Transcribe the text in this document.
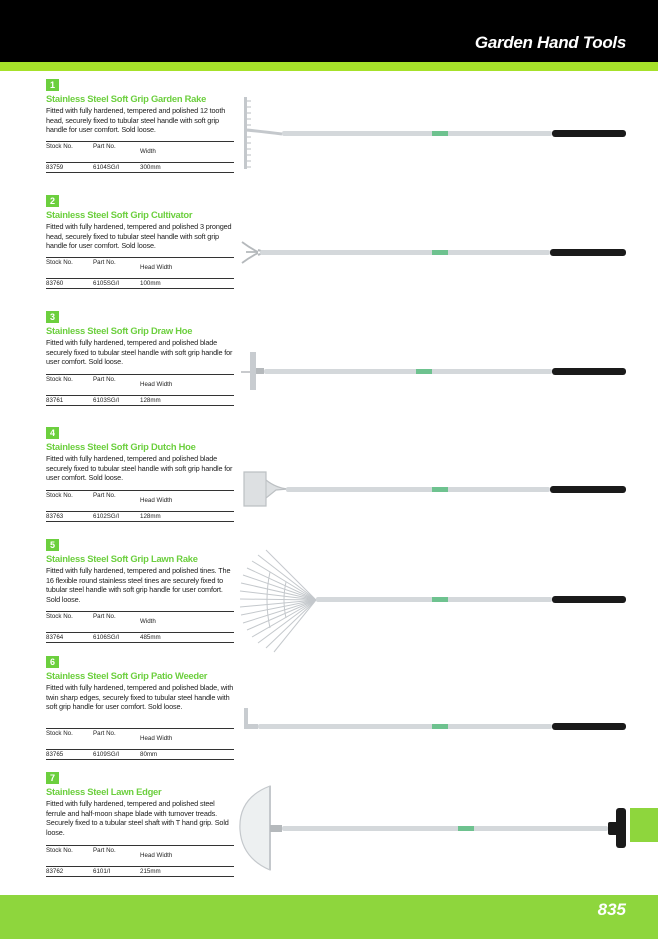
Garden Hand Tools
1
Stainless Steel Soft Grip Garden Rake
Fitted with fully hardened, tempered and polished 12 tooth head, securely fixed to tubular steel handle with soft grip handle for user comfort. Sold loose.
Stock No.	Part No.
Width
83759	6104SG/I	300mm
2
Stainless Steel Soft Grip Cultivator
Fitted with fully hardened, tempered and polished 3 pronged head, securely fixed to tubular steel handle with soft grip handle for user comfort. Sold loose.
Stock No.	Part No.
Head Width
83760	6105SG/I	100mm
3
Stainless Steel Soft Grip Draw Hoe
Fitted with fully hardened, tempered and polished blade securely fixed to tubular steel handle with soft grip handle for user comfort. Sold loose.
Stock No.	Part No.
Head Width
83761	6103SG/I	128mm
4
Stainless Steel Soft Grip Dutch Hoe
Fitted with fully hardened, tempered and polished blade securely fixed to tubular steel handle with soft grip handle for user comfort. Sold loose.
Stock No.	Part No.
Head Width
83763	6102SG/I	128mm
5
Stainless Steel Soft Grip Lawn Rake
Fitted with fully hardened, tempered and polished tines. The 16 flexible round stainless steel tines are securely fixed to tubular steel handle with soft grip handle for user comfort. Sold loose.
Stock No.	Part No.
Width
83764	6106SG/I	485mm
6
Stainless Steel Soft Grip Patio Weeder
Fitted with fully hardened, tempered and polished blade, with twin sharp edges, securely fixed to tubular steel handle with soft grip handle for user comfort. Sold loose.
Stock No.	Part No.
Head Width
83765	6109SG/I	80mm
7
Stainless Steel Lawn Edger
Fitted with fully hardened, tempered and polished steel ferrule and half-moon shape blade with turnover treads. Securely fixed to a tubular steel shaft with T hand grip. Sold loose.
Stock No.	Part No.
Head Width
83762	6101/I	215mm
835
